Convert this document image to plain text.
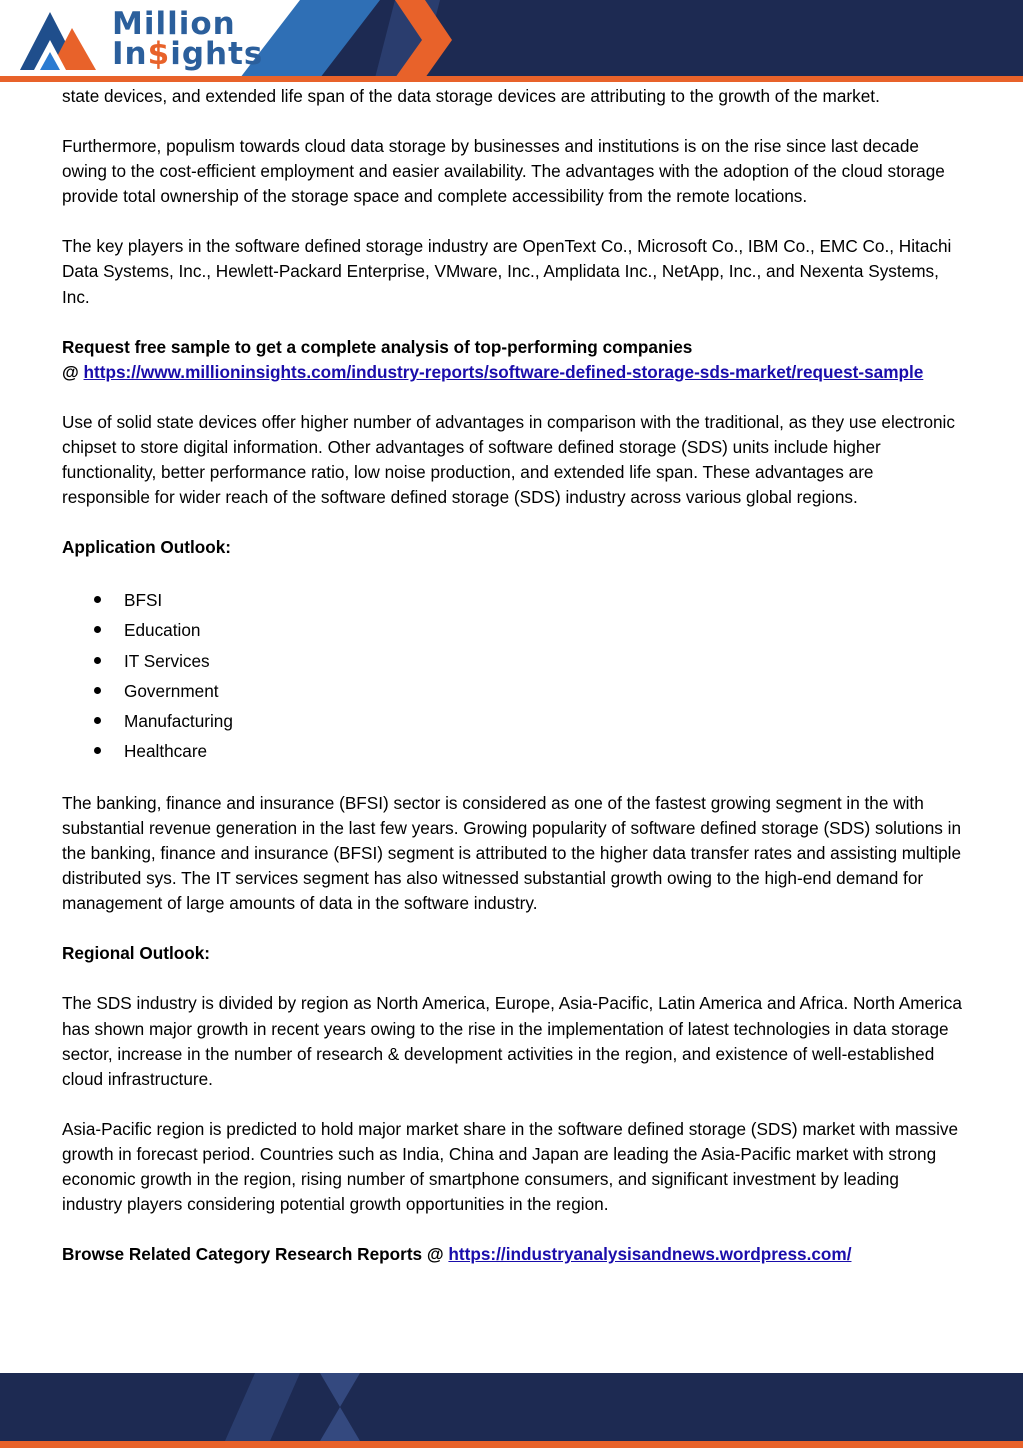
Million
In$ights

state devices, and extended life span of the data storage devices are attributing to the growth of the market.

Furthermore, populism towards cloud data storage by businesses and institutions is on the rise since last decade owing to the cost-efficient employment and easier availability. The advantages with the adoption of the cloud storage provide total ownership of the storage space and complete accessibility from the remote locations.

The key players in the software defined storage industry are OpenText Co., Microsoft Co., IBM Co., EMC Co., Hitachi Data Systems, Inc., Hewlett-Packard Enterprise, VMware, Inc., Amplidata Inc., NetApp, Inc., and Nexenta Systems, Inc.

Request free sample to get a complete analysis of top-performing companies
@ https://www.millioninsights.com/industry-reports/software-defined-storage-sds-market/request-sample

Use of solid state devices offer higher number of advantages in comparison with the traditional, as they use electronic chipset to store digital information. Other advantages of software defined storage (SDS) units include higher functionality, better performance ratio, low noise production, and extended life span. These advantages are responsible for wider reach of the software defined storage (SDS) industry across various global regions.

Application Outlook:

BFSI
Education
IT Services
Government
Manufacturing
Healthcare

The banking, finance and insurance (BFSI) sector is considered as one of the fastest growing segment in the with substantial revenue generation in the last few years. Growing popularity of software defined storage (SDS) solutions in the banking, finance and insurance (BFSI) segment is attributed to the higher data transfer rates and assisting multiple distributed sys. The IT services segment has also witnessed substantial growth owing to the high-end demand for management of large amounts of data in the software industry.

Regional Outlook:

The SDS industry is divided by region as North America, Europe, Asia-Pacific, Latin America and Africa. North America has shown major growth in recent years owing to the rise in the implementation of latest technologies in data storage sector, increase in the number of research & development activities in the region, and existence of well-established cloud infrastructure.

Asia-Pacific region is predicted to hold major market share in the software defined storage (SDS) market with massive growth in forecast period. Countries such as India, China and Japan are leading the Asia-Pacific market with strong economic growth in the region, rising number of smartphone consumers, and significant investment by leading industry players considering potential growth opportunities in the region.

Browse Related Category Research Reports @ https://industryanalysisandnews.wordpress.com/
